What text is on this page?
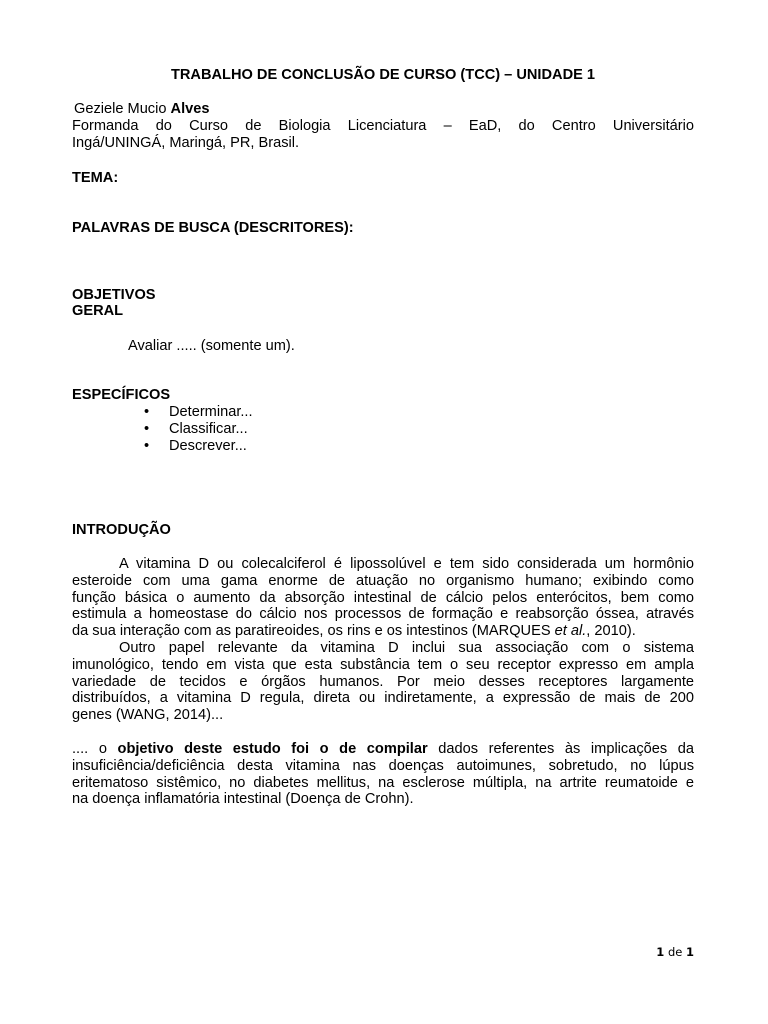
TRABALHO DE CONCLUSÃO DE CURSO (TCC) – UNIDADE 1
Geziele Mucio Alves
Formanda do Curso de Biologia Licenciatura – EaD, do Centro Universitário
Ingá/UNINGÁ, Maringá, PR, Brasil.
TEMA:
PALAVRAS DE BUSCA (DESCRITORES):
OBJETIVOS
GERAL
Avaliar ..... (somente um).
ESPECÍFICOS
• Determinar...
• Classificar...
• Descrever...
INTRODUÇÃO
A vitamina D ou colecalciferol é lipossolúvel e tem sido considerada um hormônio
esteroide com uma gama enorme de atuação no organismo humano; exibindo como
função básica o aumento da absorção intestinal de cálcio pelos enterócitos, bem como
estimula a homeostase do cálcio nos processos de formação e reabsorção óssea, através
da sua interação com as paratireoides, os rins e os intestinos (MARQUES et al., 2010).
Outro papel relevante da vitamina D inclui sua associação com o sistema
imunológico, tendo em vista que esta substância tem o seu receptor expresso em ampla
variedade de tecidos e órgãos humanos. Por meio desses receptores largamente
distribuídos, a vitamina D regula, direta ou indiretamente, a expressão de mais de 200
genes (WANG, 2014)...
.... o objetivo deste estudo foi o de compilar dados referentes às implicações da
insuficiência/deficiência desta vitamina nas doenças autoimunes, sobretudo, no lúpus
eritematoso sistêmico, no diabetes mellitus, na esclerose múltipla, na artrite reumatoide e
na doença inflamatória intestinal (Doença de Crohn).
1 de 1
